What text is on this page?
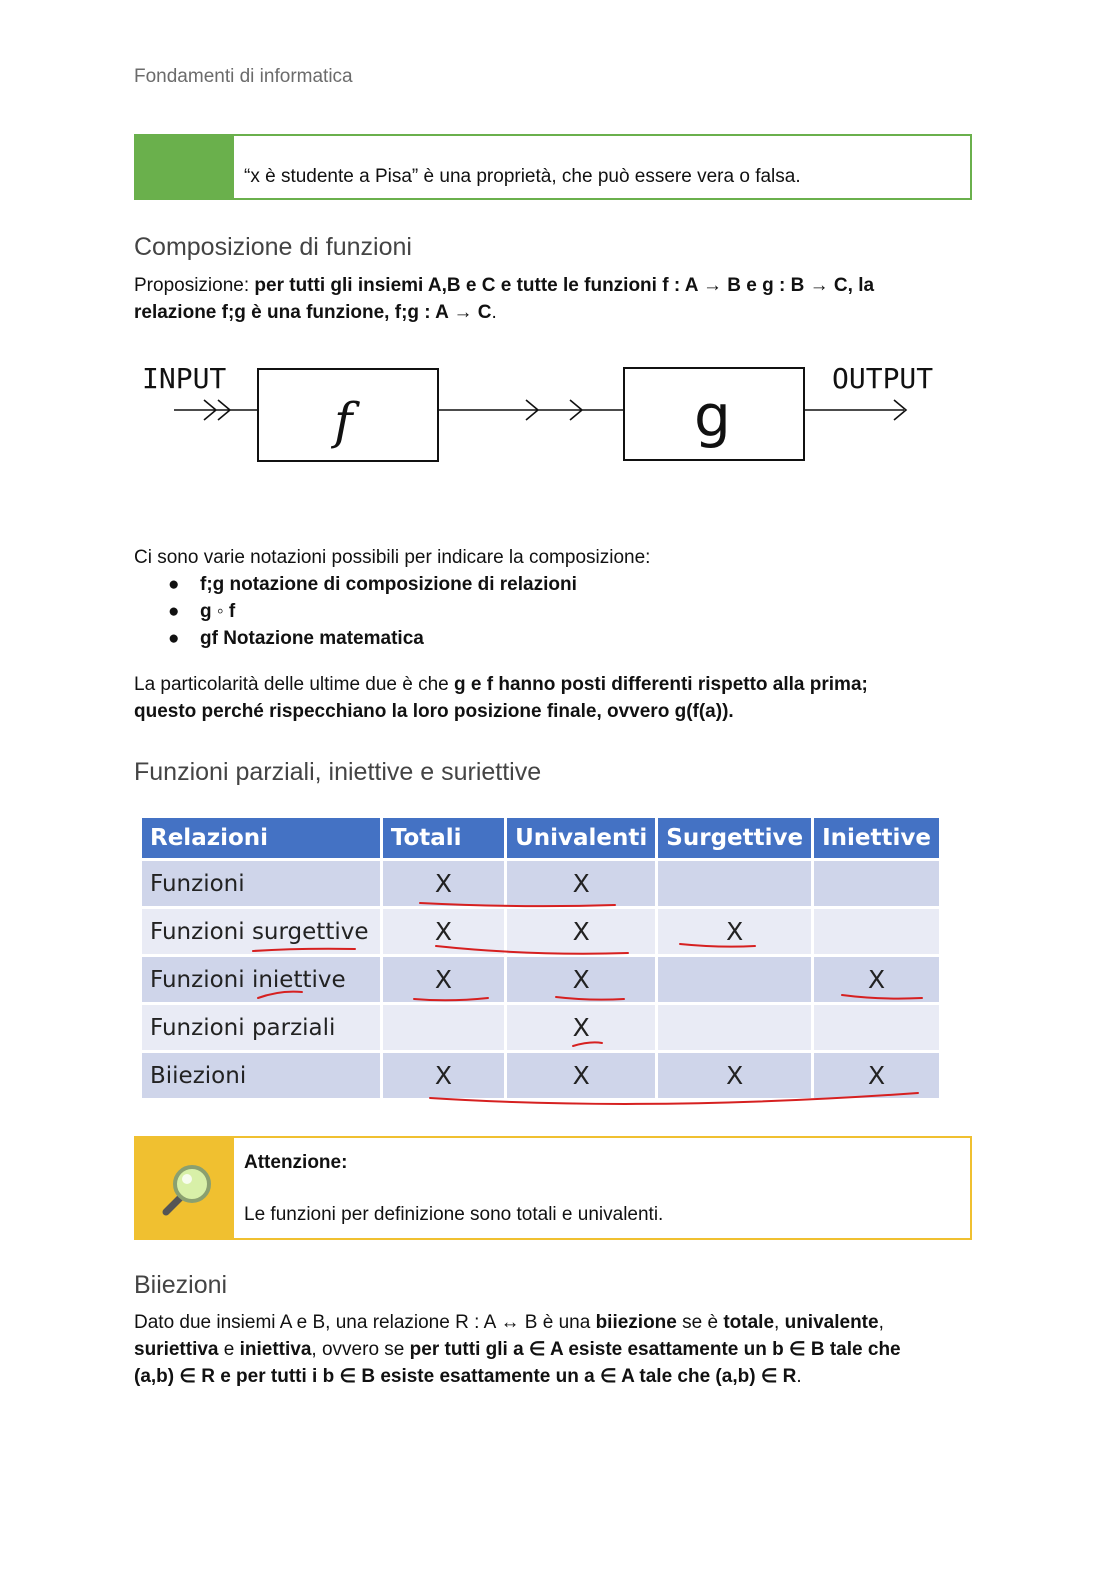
Fondamenti di informatica
“x è studente a Pisa” è una proprietà, che può essere vera o falsa.
Composizione di funzioni
Proposizione: per tutti gli insiemi A,B e C e tutte le funzioni f : A → B e g : B → C, la
relazione f;g è una funzione, f;g : A → C.
INPUT
f	g
OUTPUT
Ci sono varie notazioni possibili per indicare la composizione:
●	f;g notazione di composizione di relazioni
●	g ◦ f
●	gf Notazione matematica
La particolarità delle ultime due è che g e f hanno posti differenti rispetto alla prima;
questo perché rispecchiano la loro posizione finale, ovvero g(f(a)).
Funzioni parziali, iniettive e suriettive
Relazioni	Totali	Univalenti	Surgettive	Iniettive
Funzioni	X	X		
Funzioni surgettive	X	X	X	
Funzioni iniettive	X	X		X
Funzioni parziali		X		
Biiezioni	X	X	X	X
Attenzione:
Le funzioni per definizione sono totali e univalenti.
Biiezioni
Dato due insiemi A e B, una relazione R : A ↔ B è una biiezione se è totale, univalente,
suriettiva e iniettiva, ovvero se per tutti gli a ∈ A esiste esattamente un b ∈ B tale che
(a,b) ∈ R e per tutti i b ∈ B esiste esattamente un a ∈ A tale che (a,b) ∈ R.
